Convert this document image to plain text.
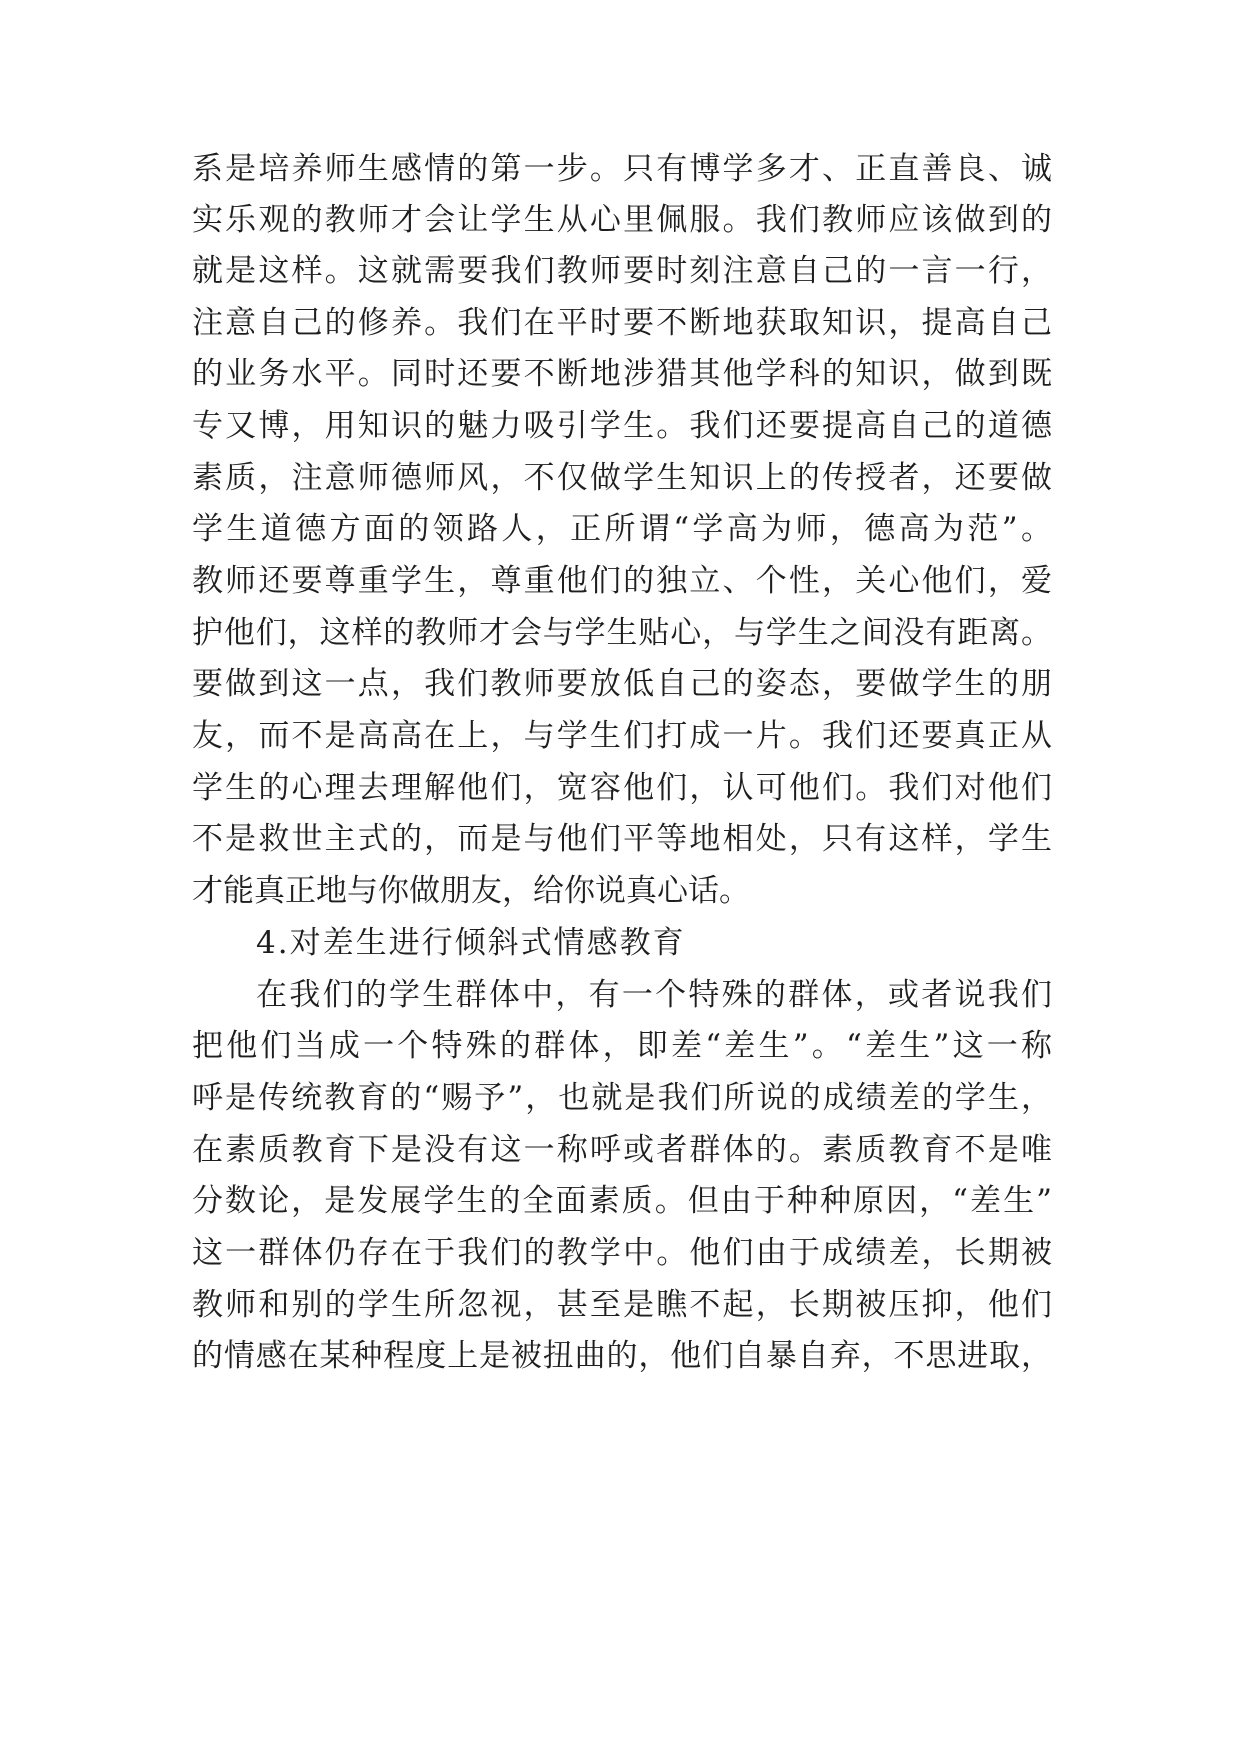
系是培养师生感情的第一步。只有博学多才、正直善良、诚
实乐观的教师才会让学生从心里佩服。我们教师应该做到的
就是这样。这就需要我们教师要时刻注意自己的一言一行，
注意自己的修养。我们在平时要不断地获取知识，提高自己
的业务水平。同时还要不断地涉猎其他学科的知识，做到既
专又博，用知识的魅力吸引学生。我们还要提高自己的道德
素质，注意师德师风，不仅做学生知识上的传授者，还要做
学生道德方面的领路人，正所谓“学高为师，德高为范”。
教师还要尊重学生，尊重他们的独立、个性，关心他们，爱
护他们，这样的教师才会与学生贴心，与学生之间没有距离。
要做到这一点，我们教师要放低自己的姿态，要做学生的朋
友，而不是高高在上，与学生们打成一片。我们还要真正从
学生的心理去理解他们，宽容他们，认可他们。我们对他们
不是救世主式的，而是与他们平等地相处，只有这样，学生
才能真正地与你做朋友，给你说真心话。
4.对差生进行倾斜式情感教育
在我们的学生群体中，有一个特殊的群体，或者说我们
把他们当成一个特殊的群体，即差“差生”。“差生”这一称
呼是传统教育的“赐予”，也就是我们所说的成绩差的学生，
在素质教育下是没有这一称呼或者群体的。素质教育不是唯
分数论，是发展学生的全面素质。但由于种种原因，“差生”
这一群体仍存在于我们的教学中。他们由于成绩差，长期被
教师和别的学生所忽视，甚至是瞧不起，长期被压抑，他们
的情感在某种程度上是被扭曲的，他们自暴自弃，不思进取，
